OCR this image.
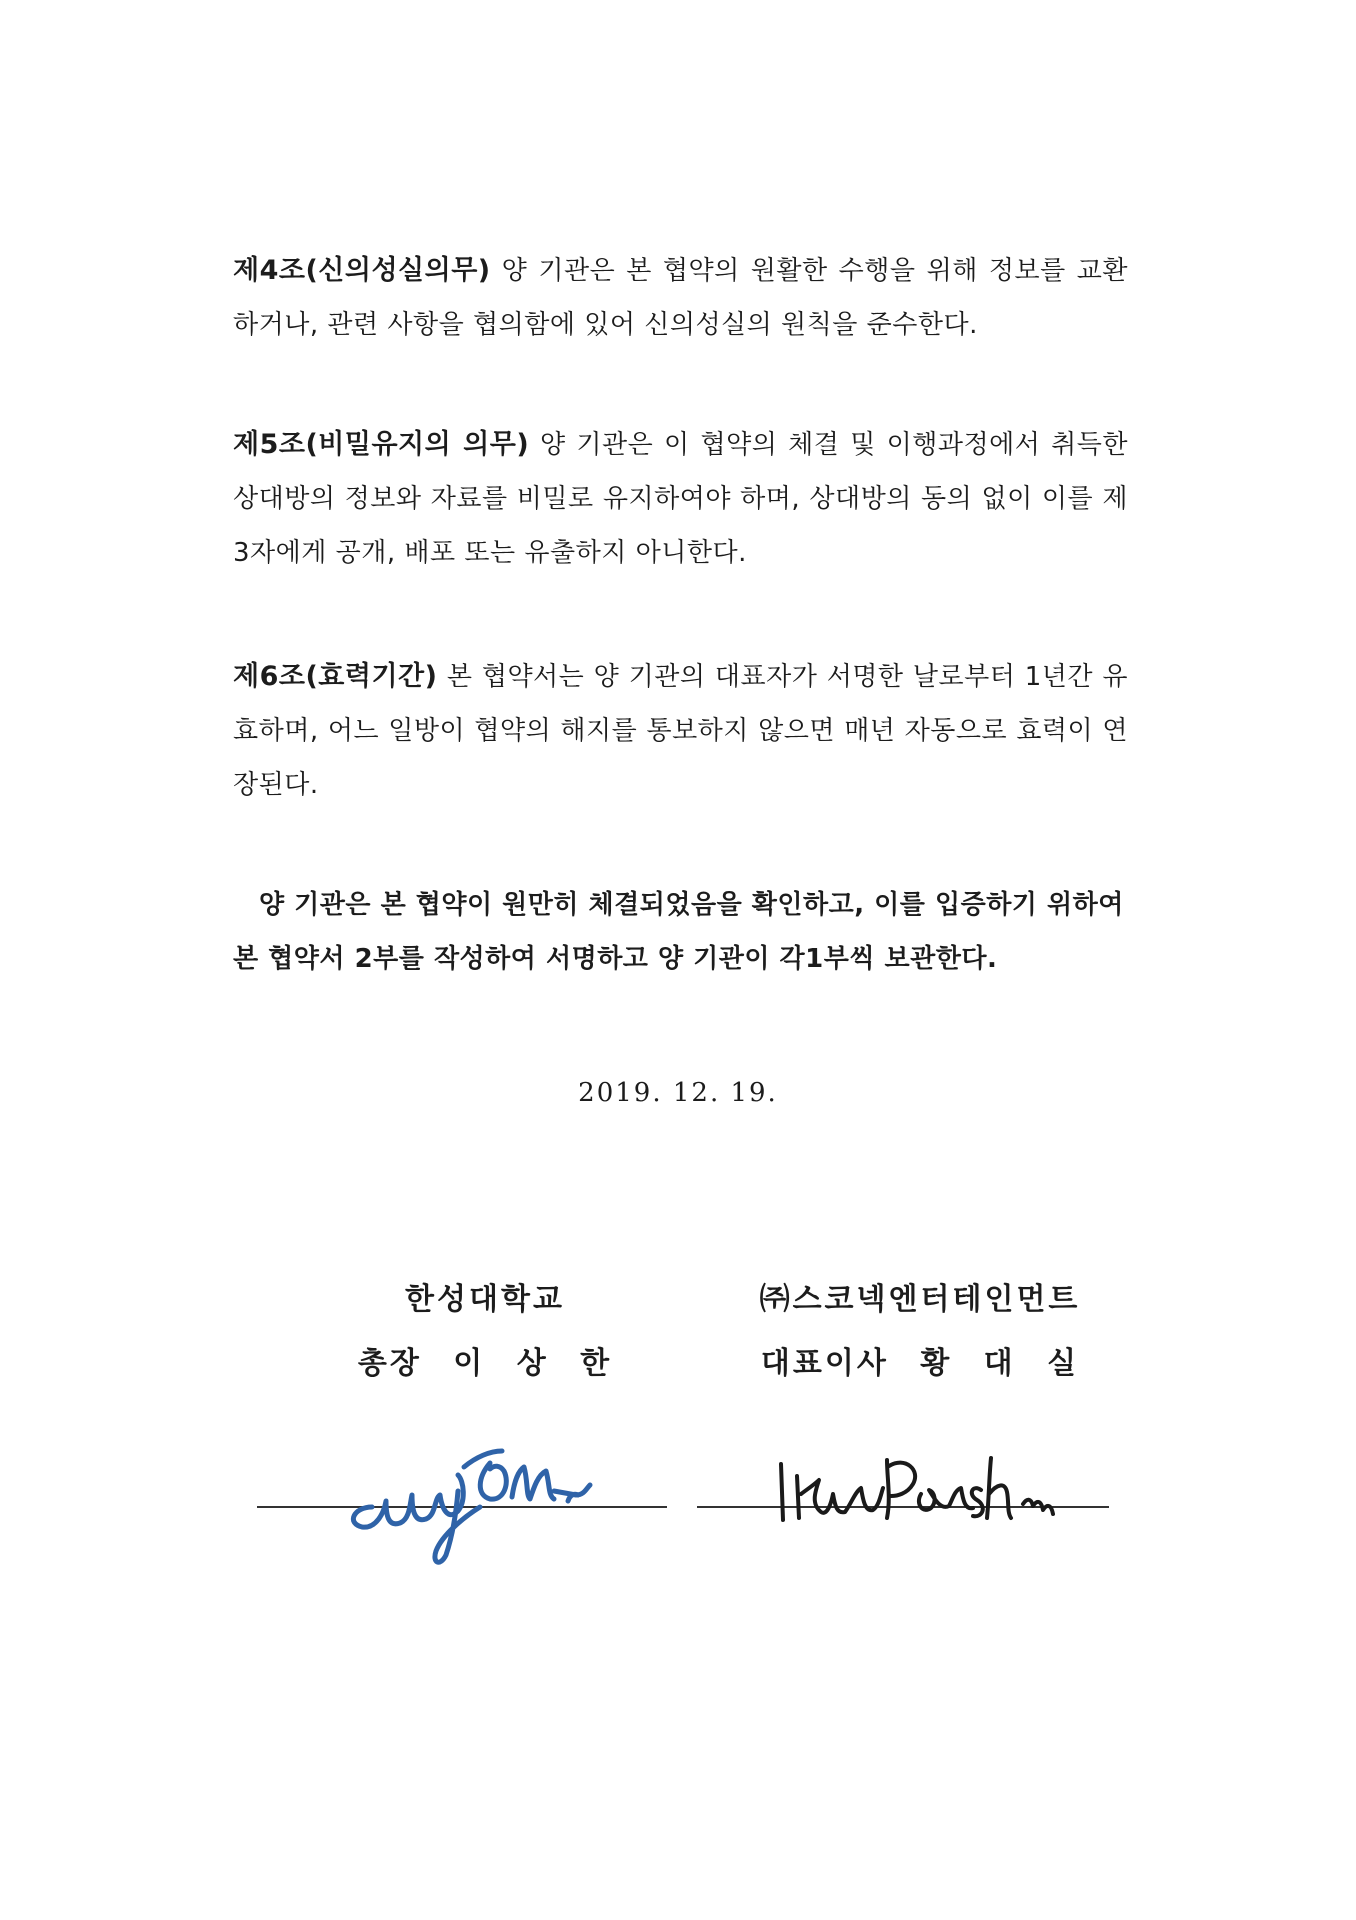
제4조(신의성실의무) 양 기관은 본 협약의 원활한 수행을 위해 정보를 교환하거나, 관련 사항을 협의함에 있어 신의성실의 원칙을 준수한다.

제5조(비밀유지의 의무) 양 기관은 이 협약의 체결 및 이행과정에서 취득한 상대방의 정보와 자료를 비밀로 유지하여야 하며, 상대방의 동의 없이 이를 제3자에게 공개, 배포 또는 유출하지 아니한다.

제6조(효력기간) 본 협약서는 양 기관의 대표자가 서명한 날로부터 1년간 유효하며, 어느 일방이 협약의 해지를 통보하지 않으면 매년 자동으로 효력이 연장된다.

양 기관은 본 협약이 원만히 체결되었음을 확인하고, 이를 입증하기 위하여
본 협약서 2부를 작성하여 서명하고 양 기관이 각1부씩 보관한다.
2019. 12. 19.
한성대학교
총장 이 상 한
㈜스코넥엔터테인먼트
대표이사 황 대 실
